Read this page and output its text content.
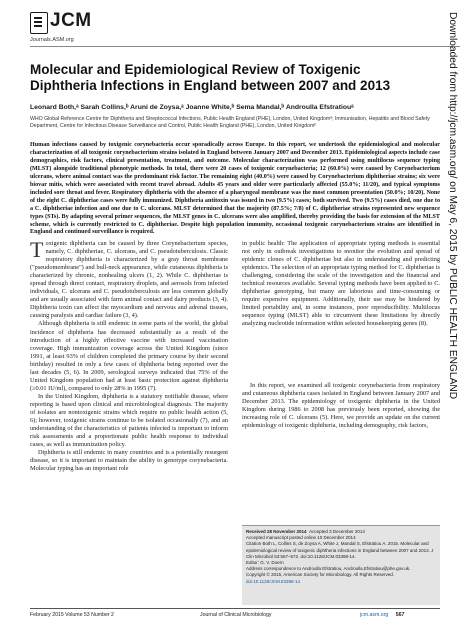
JCM
Journals.ASM.org
Molecular and Epidemiological Review of Toxigenic Diphtheria Infections in England between 2007 and 2013
Leonard Both,ᵃ Sarah Collins,ᵇ Aruni de Zoysa,ᵃ Joanne White,ᵇ Sema Mandal,ᵇ Androulla Efstratiouᵃ
WHO Global Reference Centre for Diphtheria and Streptococcal Infections, Public Health England (PHE), London, United Kingdomᵃ; Immunisation, Hepatitis and Blood Safety Department, Centre for Infectious Disease Surveillance and Control, Public Health England (PHE), London, United Kingdomᵇ
Human infections caused by toxigenic corynebacteria occur sporadically across Europe. In this report, we undertook the epidemiological and molecular characterization of all toxigenic corynebacterium strains isolated in England between January 2007 and December 2013. Epidemiological aspects include case demographics, risk factors, clinical presentation, treatment, and outcome. Molecular characterization was performed using multilocus sequence typing (MLST) alongside traditional phenotypic methods. In total, there were 20 cases of toxigenic corynebacteria; 12 (60.0%) were caused by Corynebacterium ulcerans, where animal contact was the predominant risk factor. The remaining eight (40.0%) were caused by Corynebacterium diphtheriae strains; six were biovar mitis, which were associated with recent travel abroad. Adults 45 years and older were particularly affected (55.0%; 11/20), and typical symptoms included sore throat and fever. Respiratory diphtheria with the absence of a pharyngeal membrane was the most common presentation (50.0%; 10/20). None of the eight C. diphtheriae cases were fully immunized. Diphtheria antitoxin was issued in two (9.5%) cases; both survived. Two (9.5%) cases died, one due to a C. diphtheriae infection and one due to C. ulcerans. MLST determined that the majority (87.5%; 7/8) of C. diphtheriae strains represented new sequence types (STs). By adapting several primer sequences, the MLST genes in C. ulcerans were also amplified, thereby providing the basis for extension of the MLST scheme, which is currently restricted to C. diphtheriae. Despite high population immunity, occasional toxigenic corynebacterium strains are identified in England and continued surveillance is required.

Toxigenic diphtheria can be caused by three Corynebacterium species, namely, C. diphtheriae, C. ulcerans, and C. pseudotuberculosis. Classic respiratory diphtheria is characterized by a gray throat membrane ("pseudomembrane") and bull-neck appearance, while cutaneous diphtheria is characterized by chronic, nonhealing ulcers (1, 2). While C. diphtheriae is spread through direct contact, respiratory droplets, and aerosols from infected individuals, C. ulcerans and C. pseudotuberculosis are less common globally and are usually associated with farm animal contact and dairy products (3, 4). Diphtheria toxin can affect the myocardium and nervous and adrenal tissues, causing paralysis and cardiac failure (3, 4).

Although diphtheria is still endemic in some parts of the world, the global incidence of diphtheria has decreased substantially as a result of the introduction of a highly effective vaccine with increased vaccination coverage. High immunization coverage across the United Kingdom (since 1991, at least 93% of children completed the primary course by their second birthday) resulted in only a few cases of diphtheria being reported over the last decades (5, 6). In 2009, serological surveys indicated that 75% of the United Kingdom population had at least basic protection against diphtheria (≥0.01 IU/ml), compared to only 28% in 1995 (7).

In the United Kingdom, diphtheria is a statutory notifiable disease, where reporting is based upon clinical and microbiological diagnosis. The majority of isolates are nontoxigenic strains which require no public health action (5, 6); however, toxigenic strains continue to be isolated occasionally (7), and an understanding of the characteristics of patients infected is important to inform risk assessments and a proportionate public health response to individual cases, as well as immunization policy.

Diphtheria is still endemic in many countries and is a potentially resurgent disease, so it is important to maintain the ability to genotype corynebacteria. Molecular typing has an important role

in public health: The application of appropriate typing methods is essential not only in outbreak investigations to monitor the evolution and spread of epidemic clones of C. diphtheriae but also in understanding and predicting epidemics. The selection of an appropriate typing method for C. diphtheriae is challenging, considering the scale of the investigation and the financial and technical resources available. Several typing methods have been applied to C. diphtheriae genotyping, but many are laborious and time-consuming or require expensive equipment. Additionally, their use may be hindered by limited portability and, in some instances, poor reproducibility. Multilocus sequence typing (MLST) able to circumvent these limitations by directly analyzing nucleotide information within selected housekeeping genes (8).

In this report, we examined all toxigenic corynebacteria from respiratory and cutaneous diphtheria cases isolated in England between January 2007 and December 2013. The epidemiology of toxigenic diphtheria in the United Kingdom during 1986 to 2008 has previously been reported, showing the increasing role of C. ulcerans (5). Here, we provide an update on the current epidemiology of toxigenic diphtheria, including demography, risk factors,

Received 28 November 2014 Accepted 3 December 2014
Accepted manuscript posted online 10 December 2014
Citation Both L, Collins S, de Zoysa A, White J, Mandal S, Efstratiou A. 2015. Molecular and epidemiological review of toxigenic diphtheria infections in England between 2007 and 2013. J Clin Microbiol 53:567–572. doi:10.1128/JCM.03398-14.
Editor: G. V. Doern
Address correspondence to Androulla Efstratiou, Androulla.Efstratiou@phe.gov.uk.
Copyright © 2015, American Society for Microbiology. All Rights Reserved.
doi:10.1128/JCM.03398-14
February 2015 Volume 53 Number 2	Journal of Clinical Microbiology	jcm.asm.org 567
Downloaded from http://jcm.asm.org/ on May 6, 2015 by PUBLIC HEALTH ENGLAND
